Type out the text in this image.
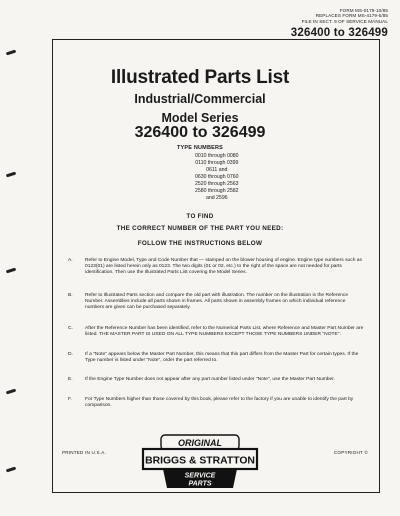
FORM MS-0178-10/85
REPLACES FORM MS-4179-5/85
FILE IN SECT. 9 OF SERVICE MANUAL
326400 to 326499
Illustrated Parts List
Industrial/Commercial
Model Series
326400 to 326499
TYPE NUMBERS
0010 through 0080
0110 through 0399
0611 and
0630 through 0760
2520 through 2563
2580 through 2582
and 2596
TO FIND
THE CORRECT NUMBER OF THE PART YOU NEED:
FOLLOW THE INSTRUCTIONS BELOW
A.	Refer to Engine Model, Type and Code Number that — stamped on the blower housing of engine. Engine type numbers such as 0123(01) are listed herein only as 0123. The two digits (01 or 02, etc.) to the right of the space are not needed for parts identification. Then use the Illustrated Parts List covering the Model Series.
B.	Refer to Illustrated Parts section and compare the old part with illustration. The number on the illustration is the Reference Number. Assemblies include all parts shown in frames. All parts shown in assembly frames on which individual reference numbers are given can be purchased separately.
C. After the Reference Number has been identified, refer to the Numerical Parts List, where Reference and Master Part Number are listed. THE MASTER PART IS USED ON ALL TYPE NUMBERS EXCEPT THOSE TYPE NUMBERS UNDER "NOTE".
D. If a "Note" appears below the Master Part Number, this means that this part differs from the Master Part for certain types. If the Type number is listed under "Note", order the part referred to.
E.	If the Engine Type Number does not appear after any part number listed under "Note", use the Master Part Number.
F.	For Type Numbers higher than those covered by this book, please refer to the factory if you are unable to identify the part by comparison.
PRINTED IN U.S.A.	COPYRIGHT ©
ORIGINAL
BRIGGS & STRATTON
SERVICE
PARTS
